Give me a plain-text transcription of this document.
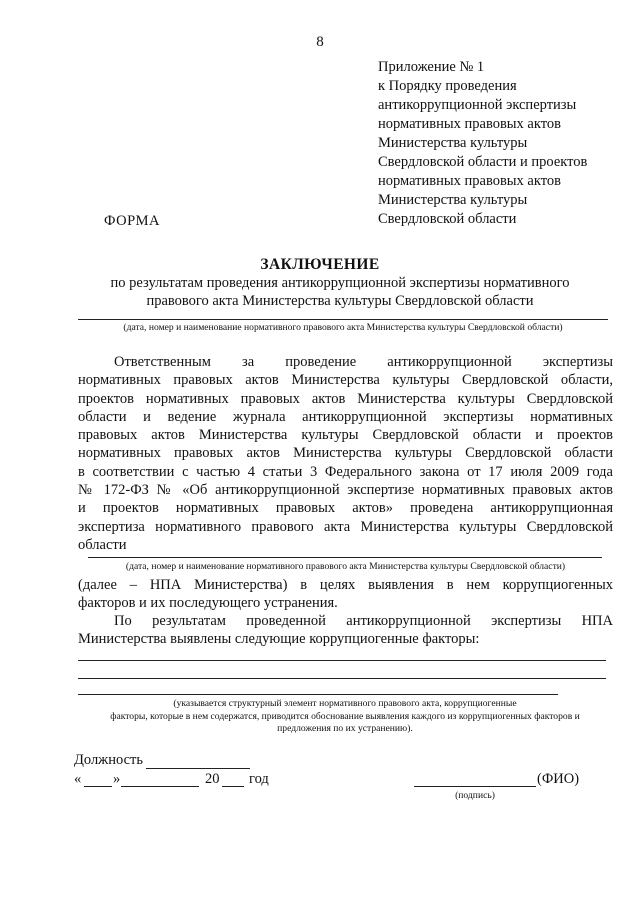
8
Приложение № 1
к Порядку проведения
антикоррупционной экспертизы
нормативных правовых актов
Министерства культуры
Свердловской области и проектов
нормативных правовых актов
Министерства культуры
Свердловской области
ФОРМА
ЗАКЛЮЧЕНИЕ
по результатам проведения антикоррупционной экспертизы нормативного
правового акта Министерства культуры Свердловской области
(дата, номер и наименование нормативного правового акта Министерства культуры Свердловской области)
Ответственным за проведение антикоррупционной экспертизы
нормативных правовых актов Министерства культуры Свердловской области,
проектов нормативных правовых актов Министерства культуры Свердловской
области и ведение журнала антикоррупционной экспертизы нормативных
правовых актов Министерства культуры Свердловской области и проектов
нормативных правовых актов Министерства культуры Свердловской области
в соответствии с частью 4 статьи 3 Федерального закона от 17 июля 2009 года
№ 172-ФЗ № «Об антикоррупционной экспертизе нормативных правовых актов
и проектов нормативных правовых актов» проведена антикоррупционная
экспертиза нормативного правового акта Министерства культуры Свердловской
области
(дата, номер и наименование нормативного правового акта Министерства культуры Свердловской области)
(далее – НПА Министерства) в целях выявления в нем коррупциогенных
факторов и их последующего устранения.
По результатам проведенной антикоррупционной экспертизы НПА
Министерства выявлены следующие коррупциогенные факторы:
(указывается структурный элемент нормативного правового акта, коррупциогенные
факторы, которые в нем содержатся, приводится обоснование выявления каждого из коррупциогенных факторов и
предложения по их устранению).
Должность
« »	20 год	(ФИО)
(подпись)
